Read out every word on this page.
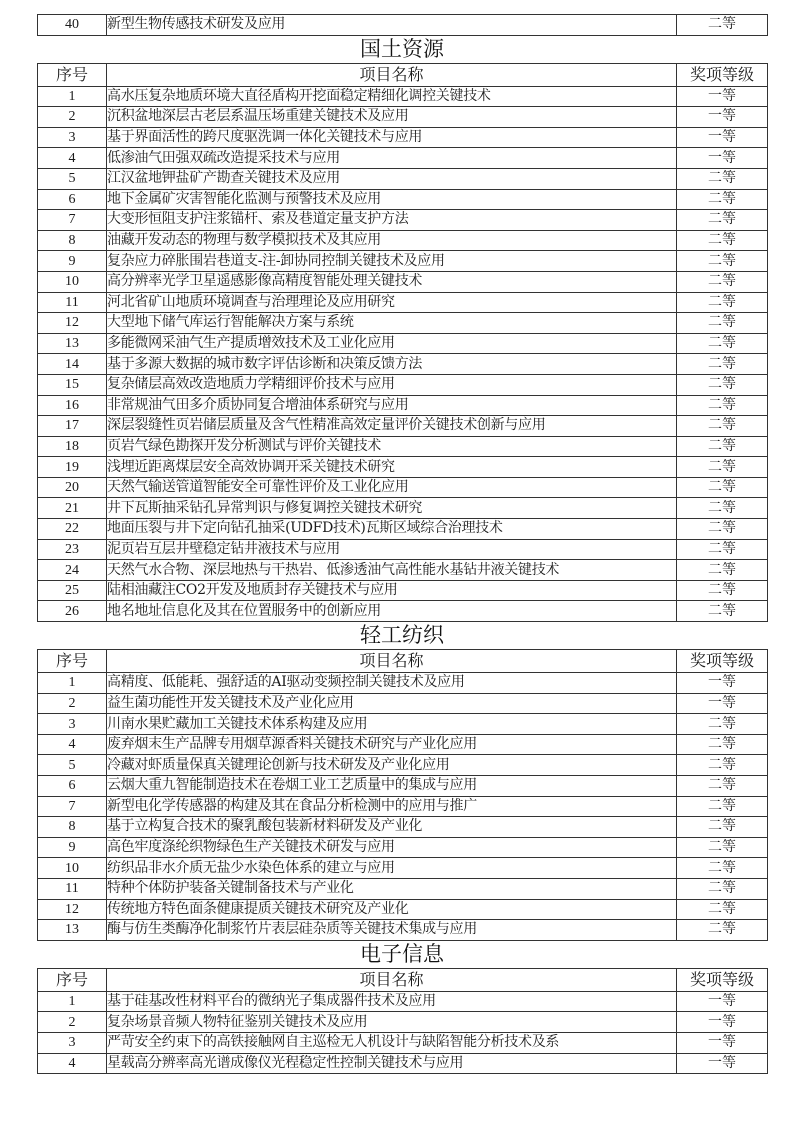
40	新型生物传感技术研发及应用	二等
国土资源
序号	项目名称	奖项等级
1	高水压复杂地质环境大直径盾构开挖面稳定精细化调控关键技术	一等
2	沉积盆地深层古老层系温压场重建关键技术及应用	一等
3	基于界面活性的跨尺度驱洗调一体化关键技术与应用	一等
4	低渗油气田强双疏改造提采技术与应用	一等
5	江汉盆地钾盐矿产勘查关键技术及应用	二等
6	地下金属矿灾害智能化监测与预警技术及应用	二等
7	大变形恒阻支护注浆锚杆、索及巷道定量支护方法	二等
8	油藏开发动态的物理与数学模拟技术及其应用	二等
9	复杂应力碎胀围岩巷道支-注-卸协同控制关键技术及应用	二等
10	高分辨率光学卫星遥感影像高精度智能处理关键技术	二等
11	河北省矿山地质环境调查与治理理论及应用研究	二等
12	大型地下储气库运行智能解决方案与系统	二等
13	多能微网采油气生产提质增效技术及工业化应用	二等
14	基于多源大数据的城市数字评估诊断和决策反馈方法	二等
15	复杂储层高效改造地质力学精细评价技术与应用	二等
16	非常规油气田多介质协同复合增油体系研究与应用	二等
17	深层裂缝性页岩储层质量及含气性精准高效定量评价关键技术创新与应用	二等
18	页岩气绿色勘探开发分析测试与评价关键技术	二等
19	浅埋近距离煤层安全高效协调开采关键技术研究	二等
20	天然气输送管道智能安全可靠性评价及工业化应用	二等
21	井下瓦斯抽采钻孔异常判识与修复调控关键技术研究	二等
22	地面压裂与井下定向钻孔抽采(UDFD技术)瓦斯区域综合治理技术	二等
23	泥页岩互层井壁稳定钻井液技术与应用	二等
24	天然气水合物、深层地热与干热岩、低渗透油气高性能水基钻井液关键技术	二等
25	陆相油藏注CO2开发及地质封存关键技术与应用	二等
26	地名地址信息化及其在位置服务中的创新应用	二等
轻工纺织
序号	项目名称	奖项等级
1	高精度、低能耗、强舒适的AI驱动变频控制关键技术及应用	一等
2	益生菌功能性开发关键技术及产业化应用	一等
3	川南水果贮藏加工关键技术体系构建及应用	二等
4	废弃烟末生产品牌专用烟草源香料关键技术研究与产业化应用	二等
5	冷藏对虾质量保真关键理论创新与技术研发及产业化应用	二等
6	云烟大重九智能制造技术在卷烟工业工艺质量中的集成与应用	二等
7	新型电化学传感器的构建及其在食品分析检测中的应用与推广	二等
8	基于立构复合技术的聚乳酸包装新材料研发及产业化	二等
9	高色牢度涤纶织物绿色生产关键技术研发与应用	二等
10	纺织品非水介质无盐少水染色体系的建立与应用	二等
11	特种个体防护装备关键制备技术与产业化	二等
12	传统地方特色面条健康提质关键技术研究及产业化	二等
13	酶与仿生类酶净化制浆竹片表层硅杂质等关键技术集成与应用	二等
电子信息
序号	项目名称	奖项等级
1	基于硅基改性材料平台的微纳光子集成器件技术及应用	一等
2	复杂场景音频人物特征鉴别关键技术及应用	一等
3	严苛安全约束下的高铁接触网自主巡检无人机设计与缺陷智能分析技术及系	一等
4	星载高分辨率高光谱成像仪光程稳定性控制关键技术与应用	一等
